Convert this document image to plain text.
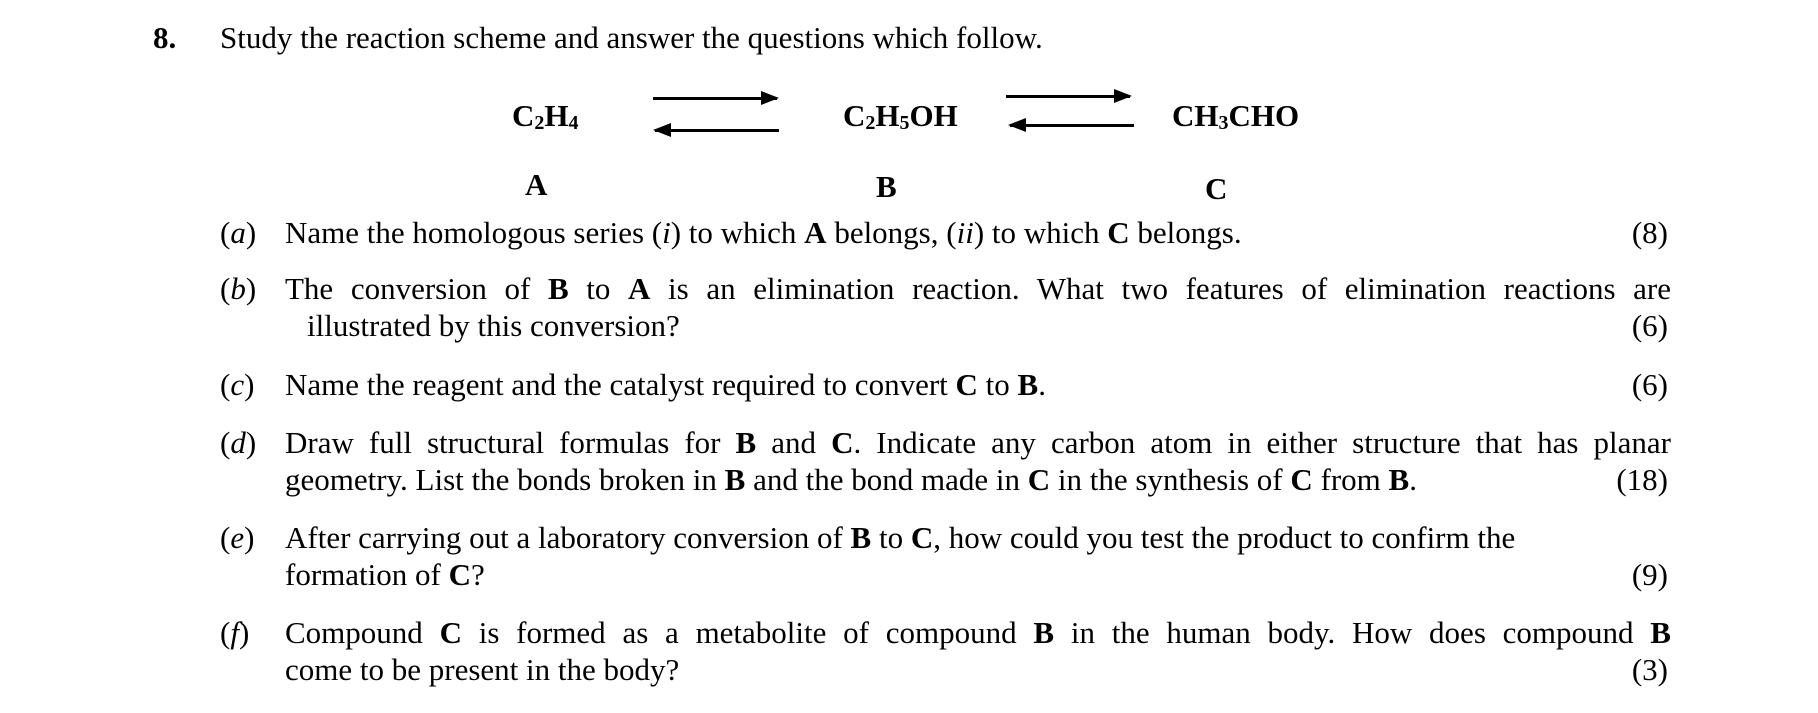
8. Study the reaction scheme and answer the questions which follow.
$C_2H_4$	$C_2H_5OH$	$CH_3CHO$
A	B	C
(a) Name the homologous series (i) to which A belongs, (ii) to which C belongs.	(8)
(b) The conversion of B to A is an elimination reaction. What two features of elimination reactions are
illustrated by this conversion?	(6)
(c) Name the reagent and the catalyst required to convert C to B.	(6)
(d) Draw full structural formulas for B and C. Indicate any carbon atom in either structure that has planar
geometry. List the bonds broken in B and the bond made in C in the synthesis of C from B.	(18)
(e) After carrying out a laboratory conversion of B to C, how could you test the product to confirm the
formation of C?	(9)
(f)	Compound C is formed as a metabolite of compound B in the human body. How does compound B
come to be present in the body?	(3)
